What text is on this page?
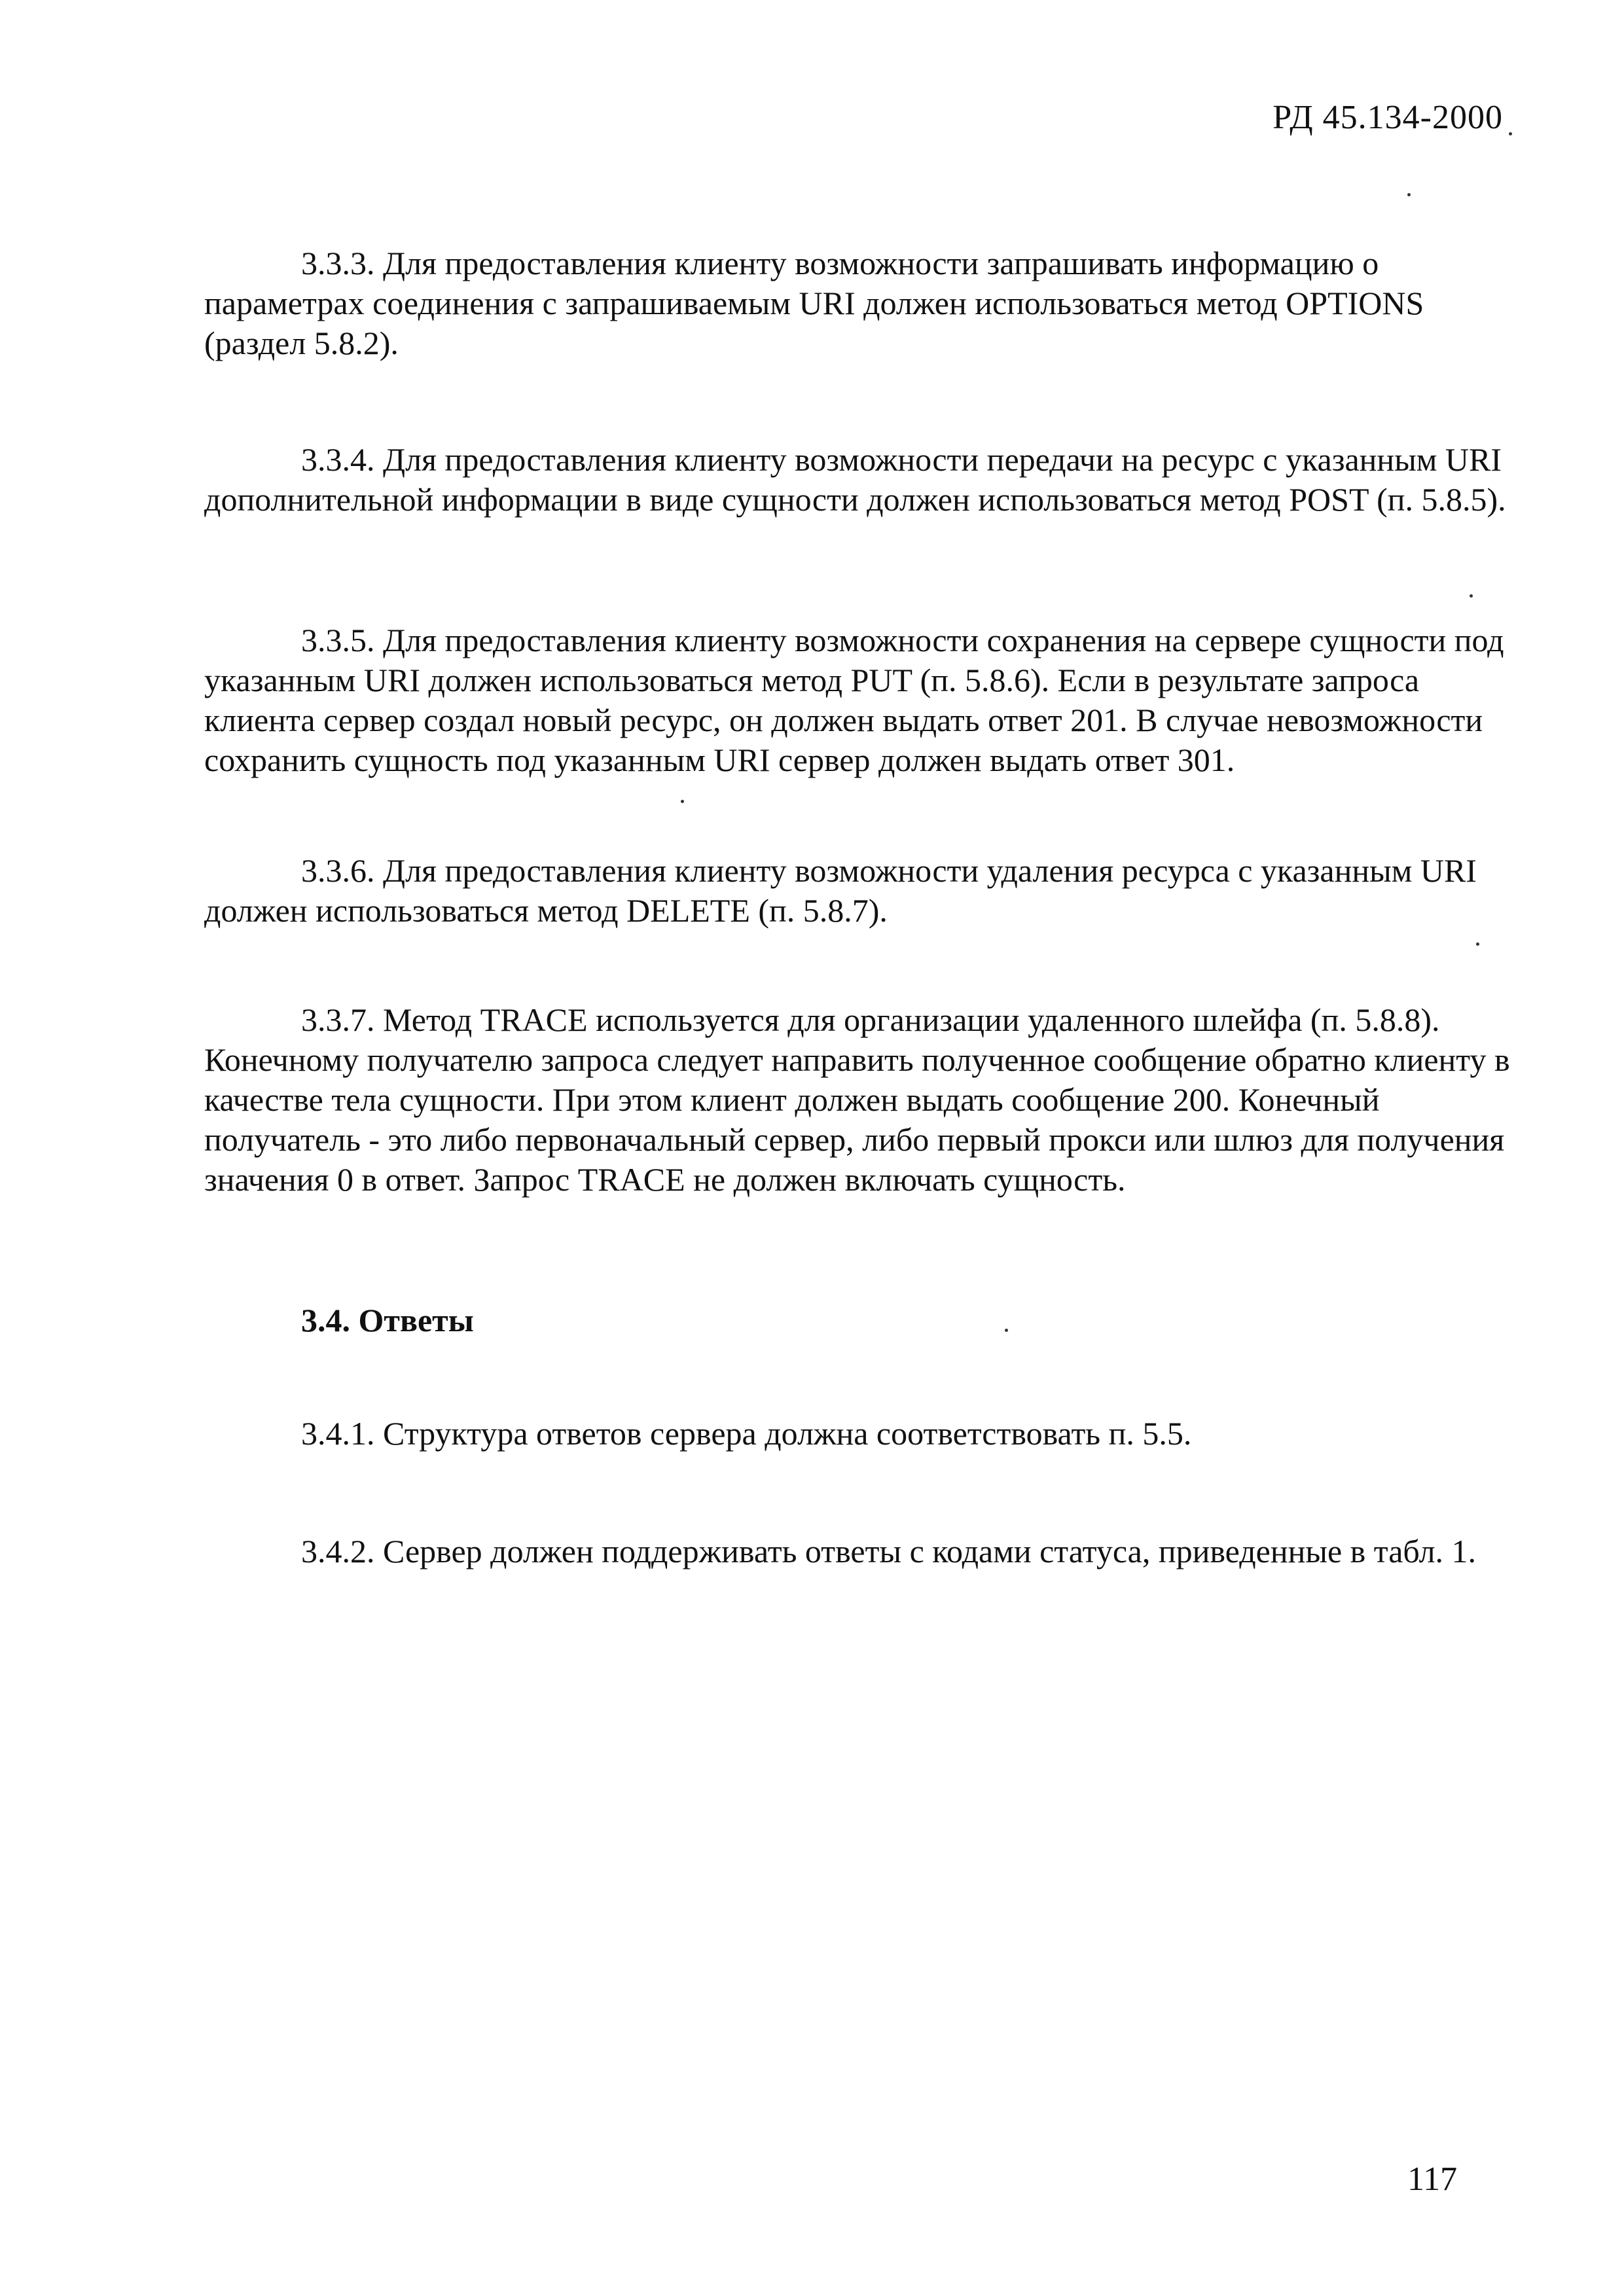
РД 45.134-2000

3.3.3. Для предоставления клиенту возможности запрашивать информацию о параметрах соединения с запрашиваемым URI должен использоваться метод OPTIONS (раздел 5.8.2).

3.3.4. Для предоставления клиенту возможности передачи на ресурс с указанным URI дополнительной информации в виде сущности должен использоваться метод POST (п. 5.8.5).

3.3.5. Для предоставления клиенту возможности сохранения на сервере сущности под указанным URI должен использоваться метод PUT (п. 5.8.6). Если в результате запроса клиента сервер создал новый ресурс, он должен выдать ответ 201. В случае невозможности сохранить сущность под указанным URI сервер должен выдать ответ 301.

3.3.6. Для предоставления клиенту возможности удаления ресурса с указанным URI должен использоваться метод DELETE (п. 5.8.7).

3.3.7. Метод TRACE используется для организации удаленного шлейфа (п. 5.8.8). Конечному получателю запроса следует направить полученное сообщение обратно клиенту в качестве тела сущности. При этом клиент должен выдать сообщение 200. Конечный получатель - это либо первоначальный сервер, либо первый прокси или шлюз для получения значения 0 в ответ. Запрос TRACE не должен включать сущность.

3.4. Ответы

3.4.1. Структура ответов сервера должна соответствовать п. 5.5.

3.4.2. Сервер должен поддерживать ответы с кодами статуса, приведенные в табл. 1.

117
